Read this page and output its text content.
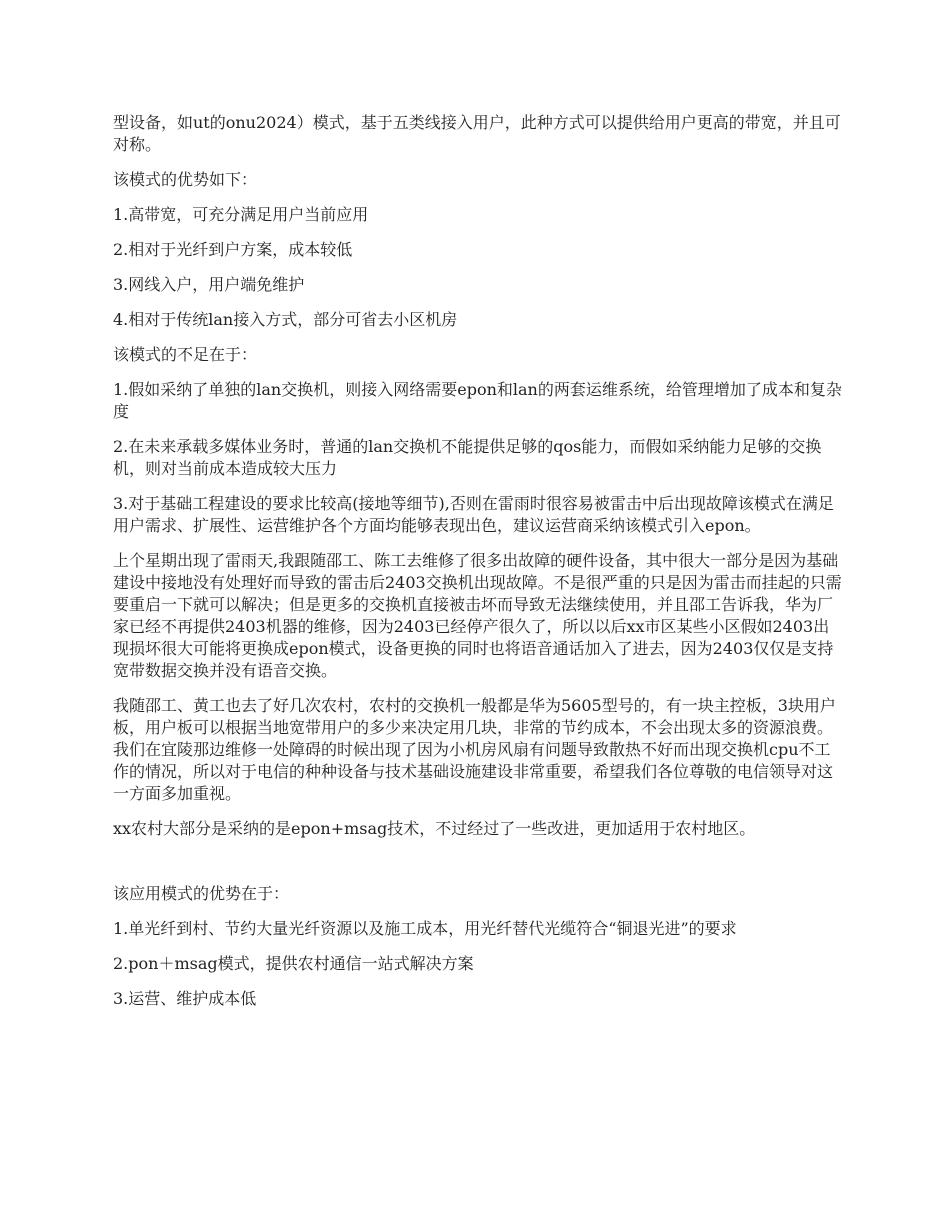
型设备，如ut的onu2024）模式，基于五类线接入用户，此种方式可以提供给用户更高的带宽，并且可对称。

该模式的优势如下：

1.高带宽，可充分满足用户当前应用

2.相对于光纤到户方案，成本较低

3.网线入户，用户端免维护

4.相对于传统lan接入方式，部分可省去小区机房

该模式的不足在于：

1.假如采纳了单独的lan交换机，则接入网络需要epon和lan的两套运维系统，给管理增加了成本和复杂度

2.在未来承载多媒体业务时，普通的lan交换机不能提供足够的qos能力，而假如采纳能力足够的交换机，则对当前成本造成较大压力

3.对于基础工程建设的要求比较高(接地等细节),否则在雷雨时很容易被雷击中后出现故障该模式在满足用户需求、扩展性、运营维护各个方面均能够表现出色，建议运营商采纳该模式引入epon。

上个星期出现了雷雨天,我跟随邵工、陈工去维修了很多出故障的硬件设备，其中很大一部分是因为基础建设中接地没有处理好而导致的雷击后2403交换机出现故障。不是很严重的只是因为雷击而挂起的只需要重启一下就可以解决；但是更多的交换机直接被击坏而导致无法继续使用，并且邵工告诉我，华为厂家已经不再提供2403机器的维修，因为2403已经停产很久了，所以以后xx市区某些小区假如2403出现损坏很大可能将更换成epon模式，设备更换的同时也将语音通话加入了进去，因为2403仅仅是支持宽带数据交换并没有语音交换。

我随邵工、黄工也去了好几次农村，农村的交换机一般都是华为5605型号的，有一块主控板，3块用户板，用户板可以根据当地宽带用户的多少来决定用几块，非常的节约成本，不会出现太多的资源浪费。我们在宜陵那边维修一处障碍的时候出现了因为小机房风扇有问题导致散热不好而出现交换机cpu不工作的情况，所以对于电信的种种设备与技术基础设施建设非常重要，希望我们各位尊敬的电信领导对这一方面多加重视。

xx农村大部分是采纳的是epon+msag技术，不过经过了一些改进，更加适用于农村地区。

该应用模式的优势在于：

1.单光纤到村、节约大量光纤资源以及施工成本，用光纤替代光缆符合“铜退光进”的要求

2.pon＋msag模式，提供农村通信一站式解决方案

3.运营、维护成本低
